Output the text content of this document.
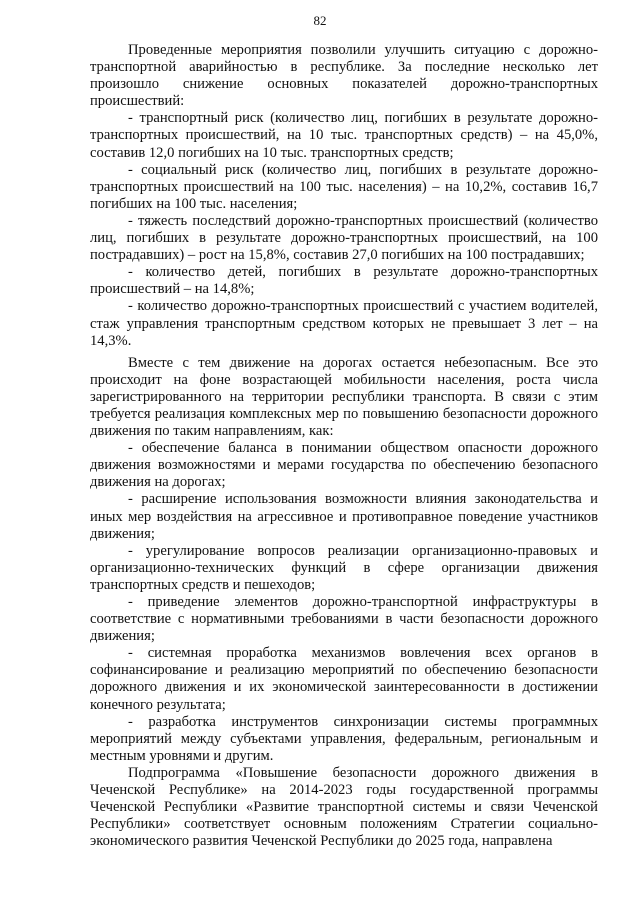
82

Проведенные мероприятия позволили улучшить ситуацию с дорожно-транспортной аварийностью в республике. За последние несколько лет произошло снижение основных показателей дорожно-транспортных происшествий:

- транспортный риск (количество лиц, погибших в результате дорожно-транспортных происшествий, на 10 тыс. транспортных средств) – на 45,0%, составив 12,0 погибших на 10 тыс. транспортных средств;

- социальный риск (количество лиц, погибших в результате дорожно-транспортных происшествий на 100 тыс. населения) – на 10,2%, составив 16,7 погибших на 100 тыс. населения;

- тяжесть последствий дорожно-транспортных происшествий (количество лиц, погибших в результате дорожно-транспортных происшествий, на 100 пострадавших) – рост на 15,8%, составив 27,0 погибших на 100 пострадавших;

- количество детей, погибших в результате дорожно-транспортных происшествий – на 14,8%;

- количество дорожно-транспортных происшествий с участием водителей, стаж управления транспортным средством которых не превышает 3 лет – на 14,3%.

Вместе с тем движение на дорогах остается небезопасным. Все это происходит на фоне возрастающей мобильности населения, роста числа зарегистрированного на территории республики транспорта. В связи с этим требуется реализация комплексных мер по повышению безопасности дорожного движения по таким направлениям, как:

- обеспечение баланса в понимании обществом опасности дорожного движения возможностями и мерами государства по обеспечению безопасного движения на дорогах;

- расширение использования возможности влияния законодательства и иных мер воздействия на агрессивное и противоправное поведение участников движения;

- урегулирование вопросов реализации организационно-правовых и организационно-технических функций в сфере организации движения транспортных средств и пешеходов;

- приведение элементов дорожно-транспортной инфраструктуры в соответствие с нормативными требованиями в части безопасности дорожного движения;

- системная проработка механизмов вовлечения всех органов в софинансирование и реализацию мероприятий по обеспечению безопасности дорожного движения и их экономической заинтересованности в достижении конечного результата;

- разработка инструментов синхронизации системы программных мероприятий между субъектами управления, федеральным, региональным и местным уровнями и другим.

Подпрограмма «Повышение безопасности дорожного движения в Чеченской Республике» на 2014-2023 годы государственной программы Чеченской Республики «Развитие транспортной системы и связи Чеченской Республики» соответствует основным положениям Стратегии социально-экономического развития Чеченской Республики до 2025 года, направлена
